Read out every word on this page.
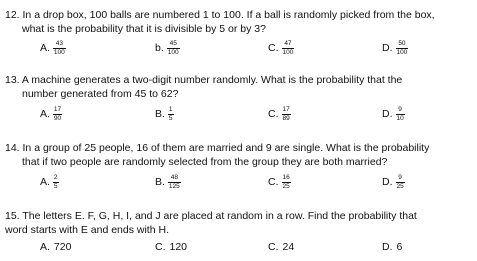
12. In a drop box, 100 balls are numbered 1 to 100. If a ball is randomly picked from the box,
what is the probability that it is divisible by 5 or by 3?
A. $\frac{43}{100}$	b. $\frac{45}{100}$	C. $\frac{47}{100}$	D. $\frac{50}{100}$
13. A machine generates a two-digit number randomly. What is the probability that the
number generated from 45 to 62?
A. $\frac{17}{90}$	B. $\frac{1}{5}$	C. $\frac{17}{89}$	D. $\frac{9}{10}$
14. In a group of 25 people, 16 of them are married and 9 are single. What is the probability
that if two people are randomly selected from the group they are both married?
A. $\frac{2}{5}$	B. $\frac{48}{125}$	C. $\frac{16}{25}$	D. $\frac{9}{25}$
15. The letters E. F, G, H, I, and J are placed at random in a row. Find the probability that
word starts with E and ends with H.
A. 720	C. 120	C. 24	D. 6
